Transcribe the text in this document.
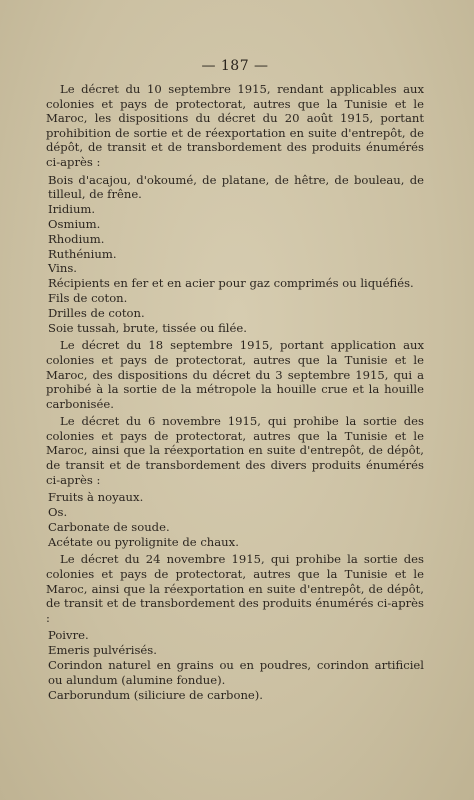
— 187 —

Le décret du 10 septembre 1915, rendant applicables aux colonies et pays de protectorat, autres que la Tunisie et le Maroc, les dispositions du décret du 20 août 1915, portant prohibition de sortie et de réexportation en suite d'entrepôt, de dépôt, de transit et de transbordement des produits énumérés ci-après :

Bois d'acajou, d'okoumé, de platane, de hêtre, de bouleau, de tilleul, de frêne.

Iridium.

Osmium.

Rhodium.

Ruthénium.

Vins.

Récipients en fer et en acier pour gaz comprimés ou liquéfiés.

Fils de coton.

Drilles de coton.

Soie tussah, brute, tissée ou filée.

Le décret du 18 septembre 1915, portant application aux colonies et pays de protectorat, autres que la Tunisie et le Maroc, des dispositions du décret du 3 septembre 1915, qui a prohibé à la sortie de la métropole la houille crue et la houille carbonisée.

Le décret du 6 novembre 1915, qui prohibe la sortie des colonies et pays de protectorat, autres que la Tunisie et le Maroc, ainsi que la réexportation en suite d'entrepôt, de dépôt, de transit et de transbordement des divers produits énumérés ci-après :

Fruits à noyaux.

Os.

Carbonate de soude.

Acétate ou pyrolignite de chaux.

Le décret du 24 novembre 1915, qui prohibe la sortie des colonies et pays de protectorat, autres que la Tunisie et le Maroc, ainsi que la réexportation en suite d'entrepôt, de dépôt, de transit et de transbordement des produits énumérés ci-après :

Poivre.

Emeris pulvérisés.

Corindon naturel en grains ou en poudres, corindon artificiel ou alundum (alumine fondue).

Carborundum (siliciure de carbone).
